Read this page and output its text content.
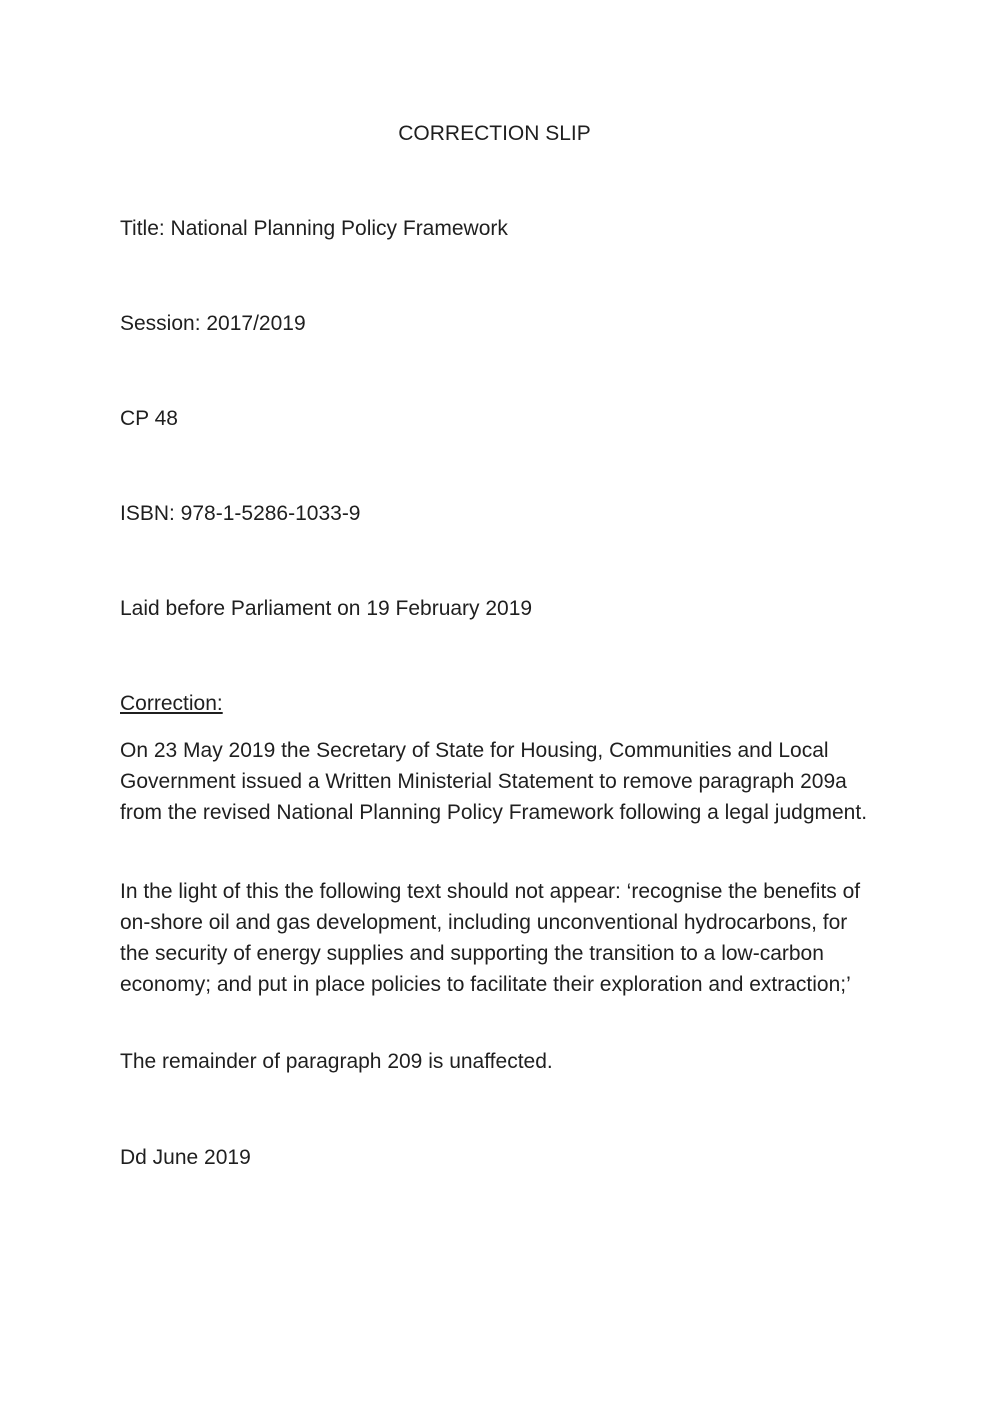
CORRECTION SLIP
Title: National Planning Policy Framework
Session: 2017/2019
CP 48
ISBN: 978-1-5286-1033-9
Laid before Parliament on 19 February 2019
Correction:

On 23 May 2019 the Secretary of State for Housing, Communities and Local Government issued a Written Ministerial Statement to remove paragraph 209a from the revised National Planning Policy Framework following a legal judgment.

In the light of this the following text should not appear: ‘recognise the benefits of on-shore oil and gas development, including unconventional hydrocarbons, for the security of energy supplies and supporting the transition to a low-carbon economy; and put in place policies to facilitate their exploration and extraction;’

The remainder of paragraph 209 is unaffected.

Dd June 2019
